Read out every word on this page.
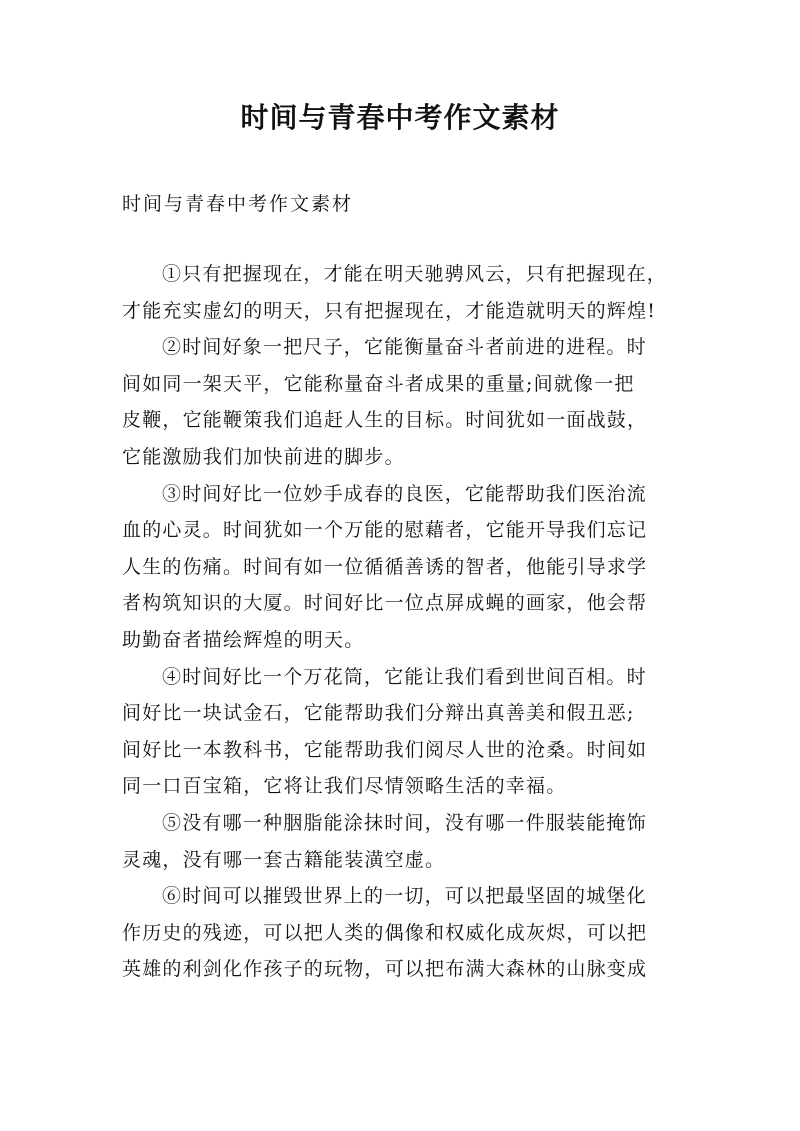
时间与青春中考作文素材

时间与青春中考作文素材

①只有把握现在，才能在明天驰骋风云，只有把握现在，
才能充实虚幻的明天，只有把握现在，才能造就明天的辉煌!

②时间好象一把尺子，它能衡量奋斗者前进的进程。时
间如同一架天平，它能称量奋斗者成果的重量;间就像一把
皮鞭，它能鞭策我们追赶人生的目标。时间犹如一面战鼓，
它能激励我们加快前进的脚步。

③时间好比一位妙手成春的良医，它能帮助我们医治流
血的心灵。时间犹如一个万能的慰藉者，它能开导我们忘记
人生的伤痛。时间有如一位循循善诱的智者，他能引导求学
者构筑知识的大厦。时间好比一位点屏成蝇的画家，他会帮
助勤奋者描绘辉煌的明天。

④时间好比一个万花筒，它能让我们看到世间百相。时
间好比一块试金石，它能帮助我们分辩出真善美和假丑恶;
间好比一本教科书，它能帮助我们阅尽人世的沧桑。时间如
同一口百宝箱，它将让我们尽情领略生活的幸福。

⑤没有哪一种胭脂能涂抹时间，没有哪一件服装能掩饰
灵魂，没有哪一套古籍能装潢空虚。

⑥时间可以摧毁世界上的一切，可以把最坚固的城堡化
作历史的残迹，可以把人类的偶像和权威化成灰烬，可以把
英雄的利剑化作孩子的玩物，可以把布满大森林的山脉变成
